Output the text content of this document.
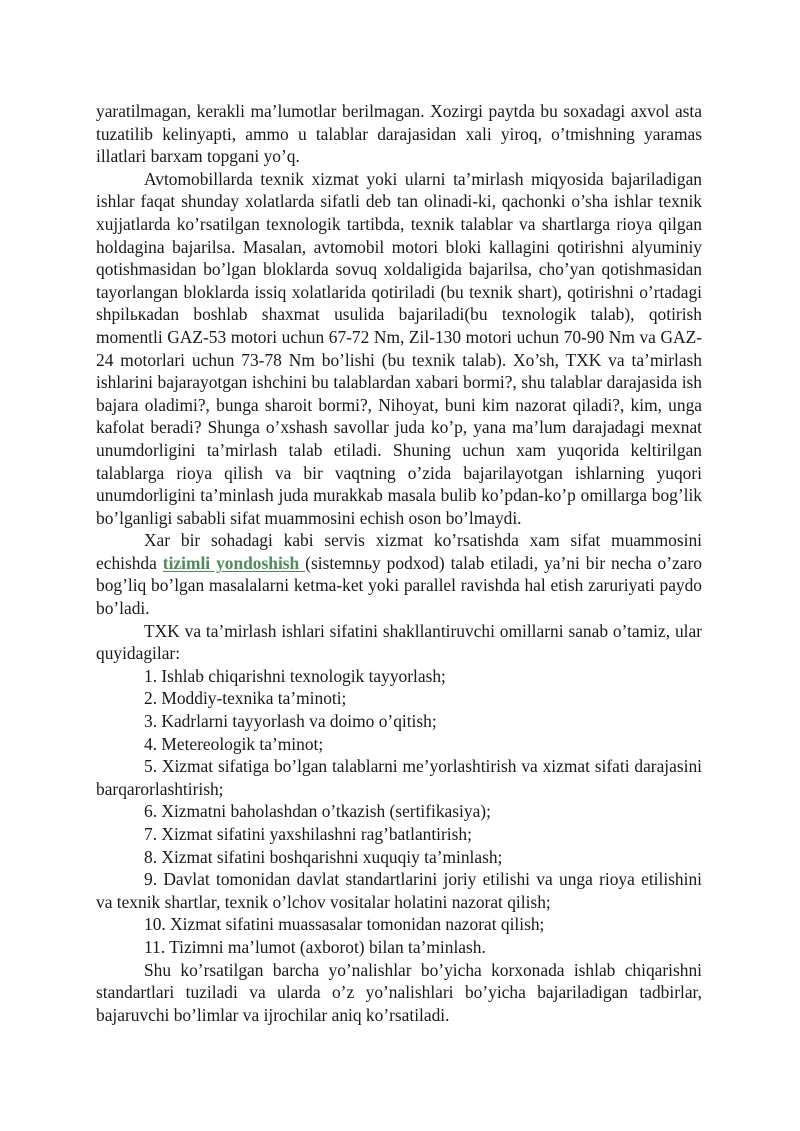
yaratilmagan, kerakli ma’lumotlar berilmagan. Xozirgi paytda bu soxadagi axvol asta tuzatilib kelinyapti, ammo u talablar darajasidan xali yiroq, o’tmishning yaramas illatlari barxam topgani yo’q.

Avtomobillarda texnik xizmat yoki ularni ta’mirlash miqyosida bajariladigan ishlar faqat shunday xolatlarda sifatli deb tan olinadi-ki, qachonki o’sha ishlar texnik xujjatlarda ko’rsatilgan texnologik tartibda, texnik talablar va shartlarga rioya qilgan holdagina bajarilsa. Masalan, avtomobil motori bloki kallagini qotirishni alyuminiy qotishmasidan bo’lgan bloklarda sovuq xoldaligida bajarilsa, cho’yan qotishmasidan tayorlangan bloklarda issiq xolatlarida qotiriladi (bu texnik shart), qotirishni o’rtadagi shpilькadan boshlab shaxmat usulida bajariladi(bu texnologik talab), qotirish momentli GAZ-53 motori uchun 67-72 Nm, Zil-130 motori uchun 70-90 Nm va GAZ-24 motorlari uchun 73-78 Nm bo’lishi (bu texnik talab). Xo’sh, TXK va ta’mirlash ishlarini bajarayotgan ishchini bu talablardan xabari bormi?, shu talablar darajasida ish bajara oladimi?, bunga sharoit bormi?, Nihoyat, buni kim nazorat qiladi?, kim, unga kafolat beradi? Shunga o’xshash savollar juda ko’p, yana ma’lum darajadagi mexnat unumdorligini ta’mirlash talab etiladi. Shuning uchun xam yuqorida keltirilgan talablarga rioya qilish va bir vaqtning o’zida bajarilayotgan ishlarning yuqori unumdorligini ta’minlash juda murakkab masala bulib ko’pdan-ko’p omillarga bog’lik bo’lganligi sababli sifat muammosini echish oson bo’lmaydi.

Xar bir sohadagi kabi servis xizmat ko’rsatishda xam sifat muammosini echishda tizimli yondoshish (sistemnьy podxod) talab etiladi, ya’ni bir necha o’zaro bog’liq bo’lgan masalalarni ketma-ket yoki parallel ravishda hal etish zaruriyati paydo bo’ladi.

TXK va ta’mirlash ishlari sifatini shakllantiruvchi omillarni sanab o’tamiz, ular quyidagilar:

1. Ishlab chiqarishni texnologik tayyorlash;

2. Moddiy-texnika ta’minoti;

3. Kadrlarni tayyorlash va doimo o’qitish;

4. Metereologik ta’minot;

5. Xizmat sifatiga bo’lgan talablarni me’yorlashtirish va xizmat sifati darajasini barqarorlashtirish;

6. Xizmatni baholashdan o’tkazish (sertifikasiya);

7. Xizmat sifatini yaxshilashni rag’batlantirish;

8. Xizmat sifatini boshqarishni xuquqiy ta’minlash;

9. Davlat tomonidan davlat standartlarini joriy etilishi va unga rioya etilishini va texnik shartlar, texnik o’lchov vositalar holatini nazorat qilish;

10. Xizmat sifatini muassasalar tomonidan nazorat qilish;

11. Tizimni ma’lumot (axborot) bilan ta’minlash.

Shu ko’rsatilgan barcha yo’nalishlar bo’yicha korxonada ishlab chiqarishni standartlari tuziladi va ularda o’z yo’nalishlari bo’yicha bajariladigan tadbirlar, bajaruvchi bo’limlar va ijrochilar aniq ko’rsatiladi.
